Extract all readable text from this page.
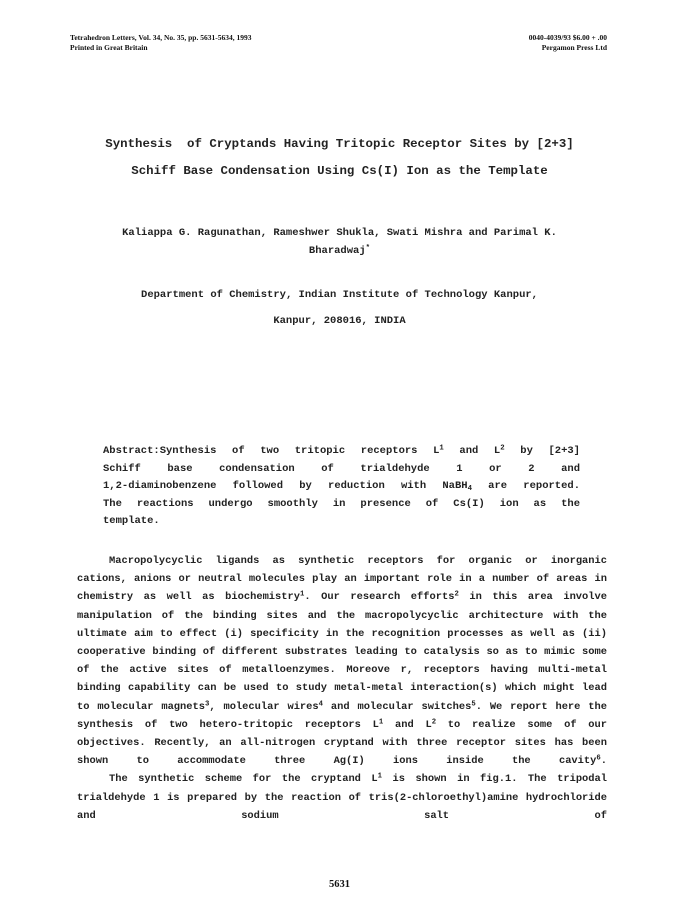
Tetrahedron Letters, Vol. 34, No. 35, pp. 5631-5634, 1993
Printed in Great Britain
0040-4039/93 $6.00 + .00
Pergamon Press Ltd
Synthesis  of Cryptands Having Tritopic Receptor Sites by [2+3]
Schiff Base Condensation Using Cs(I) Ion as the Template
Kaliappa G. Ragunathan, Rameshwer Shukla, Swati Mishra and Parimal K.
Bharadwaj*
Department of Chemistry, Indian Institute of Technology Kanpur,
Kanpur, 208016, INDIA

Abstract:Synthesis of two tritopic receptors $L^1$ and $L^2$ by [2+3]

Schiff base condensation of trialdehyde 1 or 2 and

1,2-diaminobenzene followed by reduction with NaBH$_4$ are reported.

The reactions undergo smoothly in presence of Cs(I) ion as the

template.

Macropolycyclic ligands as synthetic receptors for organic or inorganic cations, anions or neutral molecules play an important role in a number of areas in chemistry as well as biochemistry$^1$. Our research efforts$^2$ in this area involve manipulation of the binding sites and the macropolycyclic architecture with the ultimate aim to effect (i) specificity in the recognition processes as well as (ii) cooperative binding of different substrates leading to catalysis so as to mimic some of the active sites of metalloenzymes. Moreove r, receptors having multi-metal binding capability can be used to study metal-metal interaction(s) which might lead to molecular magnets$^3$, molecular wires$^4$ and molecular switches$^5$. We report here the synthesis of two hetero-tritopic receptors $L^1$ and $L^2$ to realize some of our objectives. Recently, an all-nitrogen cryptand with three receptor sites has been shown to accommodate three Ag(I) ions inside the cavity$^6$.

The synthetic scheme for the cryptand $L^1$ is shown in fig.1. The tripodal trialdehyde 1 is prepared by the reaction of tris(2-chloroethyl)amine hydrochloride and sodium salt of

5631
